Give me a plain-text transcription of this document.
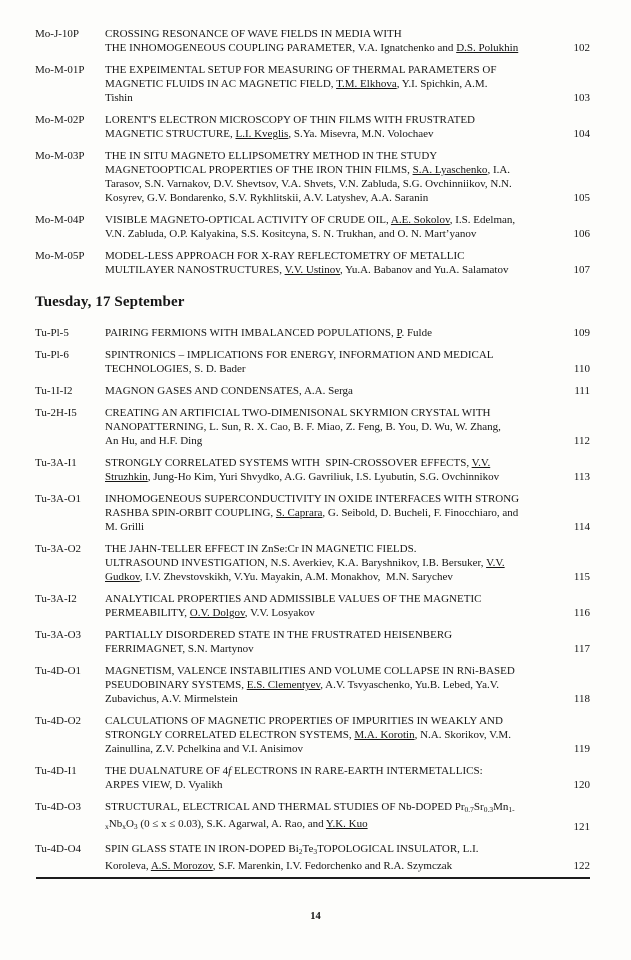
Mo-J-10P	CROSSING RESONANCE OF WAVE FIELDS IN MEDIA WITH
THE INHOMOGENEOUS COUPLING PARAMETER, V.A. Ignatchenko and D.S. Polukhin	102
Mo-M-01P	THE EXPEIMENTAL SETUP FOR MEASURING OF THERMAL PARAMETERS OF
MAGNETIC FLUIDS IN AC MAGNETIC FIELD, T.M. Elkhova, Y.I. Spichkin, A.M.
Tishin	103
Mo-M-02P	LORENT'S ELECTRON MICROSCOPY OF THIN FILMS WITH FRUSTRATED
MAGNETIC STRUCTURE, L.I. Kveglis, S.Ya. Misevra, M.N. Volochaev	104
Mo-M-03P	THE IN SITU MAGNETO ELLIPSOMETRY METHOD IN THE STUDY
MAGNETOOPTICAL PROPERTIES OF THE IRON THIN FILMS, S.A. Lyaschenko, I.A.
Tarasov, S.N. Varnakov, D.V. Shevtsov, V.A. Shvets, V.N. Zabluda, S.G. Ovchinniikov, N.N.
Kosyrev, G.V. Bondarenko, S.V. Rykhlitskii, A.V. Latyshev, A.A. Saranin	105
Mo-M-04P	VISIBLE MAGNETO-OPTICAL ACTIVITY OF CRUDE OIL, A.E. Sokolov, I.S. Edelman,
V.N. Zabluda, O.P. Kalyakina, S.S. Kositcyna, S. N. Trukhan, and O. N. Mart’yanov	106
Mo-M-05P	MODEL-LESS APPROACH FOR X-RAY REFLECTOMETRY OF METALLIC
MULTILAYER NANOSTRUCTURES, V.V. Ustinov, Yu.A. Babanov and Yu.A. Salamatov	107
Tuesday, 17 September
Tu-Pl-5	PAIRING FERMIONS WITH IMBALANCED POPULATIONS, P. Fulde	109
Tu-Pl-6	SPINTRONICS – IMPLICATIONS FOR ENERGY, INFORMATION AND MEDICAL
TECHNOLOGIES, S. D. Bader	110
Tu-1I-I2	MAGNON GASES AND CONDENSATES, A.A. Serga	111
Tu-2H-I5	CREATING AN ARTIFICIAL TWO-DIMENISONAL SKYRMION CRYSTAL WITH
NANOPATTERNING, L. Sun, R. X. Cao, B. F. Miao, Z. Feng, B. You, D. Wu, W. Zhang,
An Hu, and H.F. Ding	112
Tu-3A-I1	STRONGLY CORRELATED SYSTEMS WITH  SPIN-CROSSOVER EFFECTS, V.V.
Struzhkin, Jung-Ho Kim, Yuri Shvydko, A.G. Gavriliuk, I.S. Lyubutin, S.G. Ovchinnikov	113
Tu-3A-O1	INHOMOGENEOUS SUPERCONDUCTIVITY IN OXIDE INTERFACES WITH STRONG
RASHBA SPIN-ORBIT COUPLING, S. Caprara, G. Seibold, D. Bucheli, F. Finocchiaro, and
M. Grilli	114
Tu-3A-O2	THE JAHN-TELLER EFFECT IN ZnSe:Cr IN MAGNETIC FIELDS.
ULTRASOUND INVESTIGATION, N.S. Averkiev, K.A. Baryshnikov, I.B. Bersuker, V.V.
Gudkov, I.V. Zhevstovskikh, V.Yu. Mayakin, A.M. Monakhov,  M.N. Sarychev	115
Tu-3A-I2	ANALYTICAL PROPERTIES AND ADMISSIBLE VALUES OF THE MAGNETIC
PERMEABILITY, O.V. Dolgov, V.V. Losyakov	116
Tu-3A-O3	PARTIALLY DISORDERED STATE IN THE FRUSTRATED HEISENBERG
FERRIMAGNET, S.N. Martynov	117
Tu-4D-O1	MAGNETISM, VALENCE INSTABILITIES AND VOLUME COLLAPSE IN RNi-BASED
PSEUDOBINARY SYSTEMS, E.S. Clementyev, A.V. Tsvyaschenko, Yu.B. Lebed, Ya.V.
Zubavichus, A.V. Mirmelstein	118
Tu-4D-O2	CALCULATIONS OF MAGNETIC PROPERTIES OF IMPURITIES IN WEAKLY AND
STRONGLY CORRELATED ELECTRON SYSTEMS, M.A. Korotin, N.A. Skorikov, V.M.
Zainullina, Z.V. Pchelkina and V.I. Anisimov	119
Tu-4D-I1	THE DUALNATURE OF 4f ELECTRONS IN RARE-EARTH INTERMETALLICS:
ARPES VIEW, D. Vyalikh	120
Tu-4D-O3	STRUCTURAL, ELECTRICAL AND THERMAL STUDIES OF Nb-DOPED Pr0.7Sr0.3Mn1-
xNbxO3 (0 ≤ x ≤ 0.03), S.K. Agarwal, A. Rao, and Y.K. Kuo	121
Tu-4D-O4	SPIN GLASS STATE IN IRON-DOPED Bi2Te3TOPOLOGICAL INSULATOR, L.I.
Koroleva, A.S. Morozov, S.F. Marenkin, I.V. Fedorchenko and R.A. Szymczak	122
14
